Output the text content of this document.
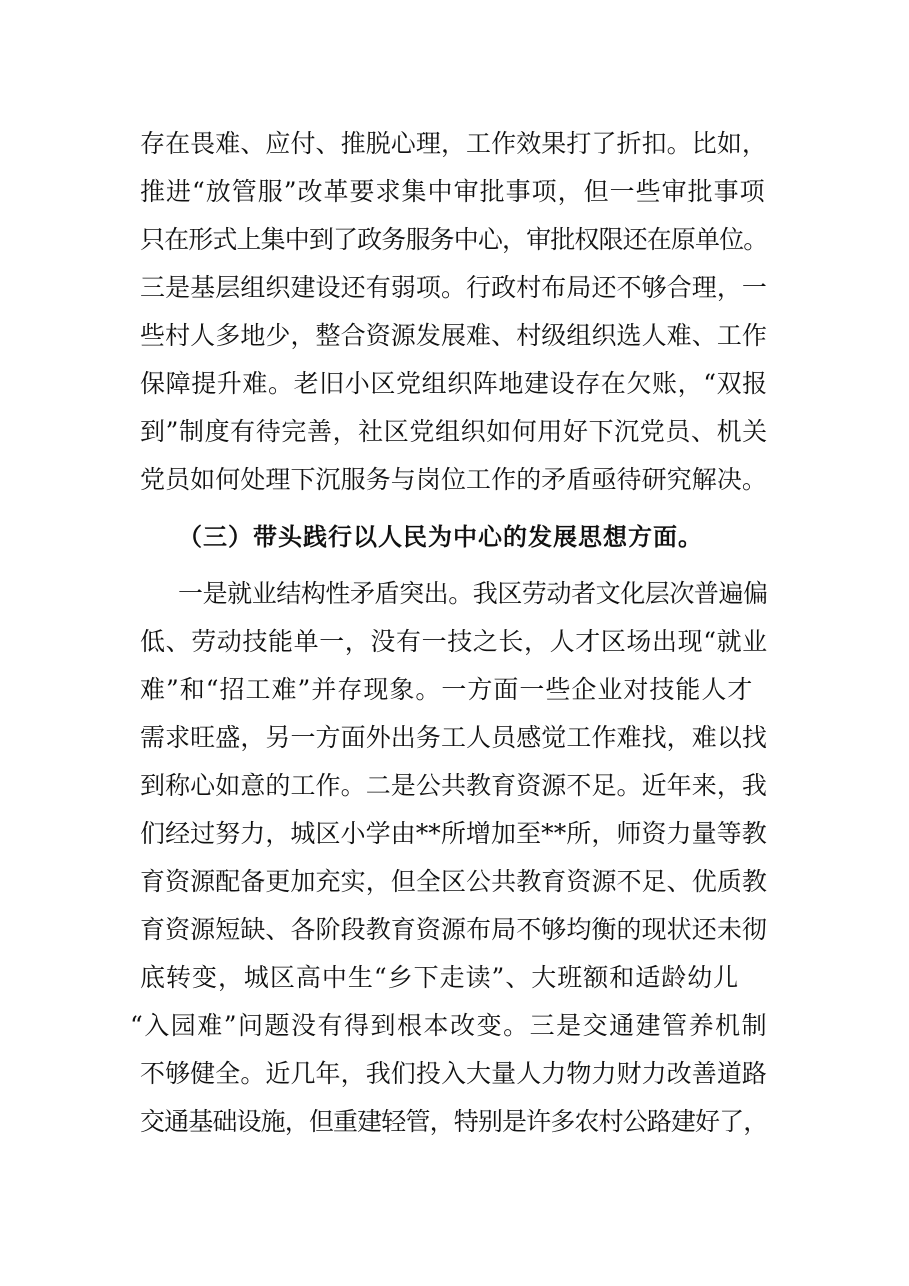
存在畏难、应付、推脱心理，工作效果打了折扣。比如，
推进“放管服”改革要求集中审批事项，但一些审批事项
只在形式上集中到了政务服务中心，审批权限还在原单位。
三是基层组织建设还有弱项。行政村布局还不够合理，一
些村人多地少，整合资源发展难、村级组织选人难、工作
保障提升难。老旧小区党组织阵地建设存在欠账，“双报
到”制度有待完善，社区党组织如何用好下沉党员、机关
党员如何处理下沉服务与岗位工作的矛盾亟待研究解决。
（三）带头践行以人民为中心的发展思想方面。
一是就业结构性矛盾突出。我区劳动者文化层次普遍偏
低、劳动技能单一，没有一技之长，人才区场出现“就业
难”和“招工难”并存现象。一方面一些企业对技能人才
需求旺盛，另一方面外出务工人员感觉工作难找，难以找
到称心如意的工作。二是公共教育资源不足。近年来，我
们经过努力，城区小学由**所增加至**所，师资力量等教
育资源配备更加充实，但全区公共教育资源不足、优质教
育资源短缺、各阶段教育资源布局不够均衡的现状还未彻
底转变，城区高中生“乡下走读”、大班额和适龄幼儿
“入园难”问题没有得到根本改变。三是交通建管养机制
不够健全。近几年，我们投入大量人力物力财力改善道路
交通基础设施，但重建轻管，特别是许多农村公路建好了，
